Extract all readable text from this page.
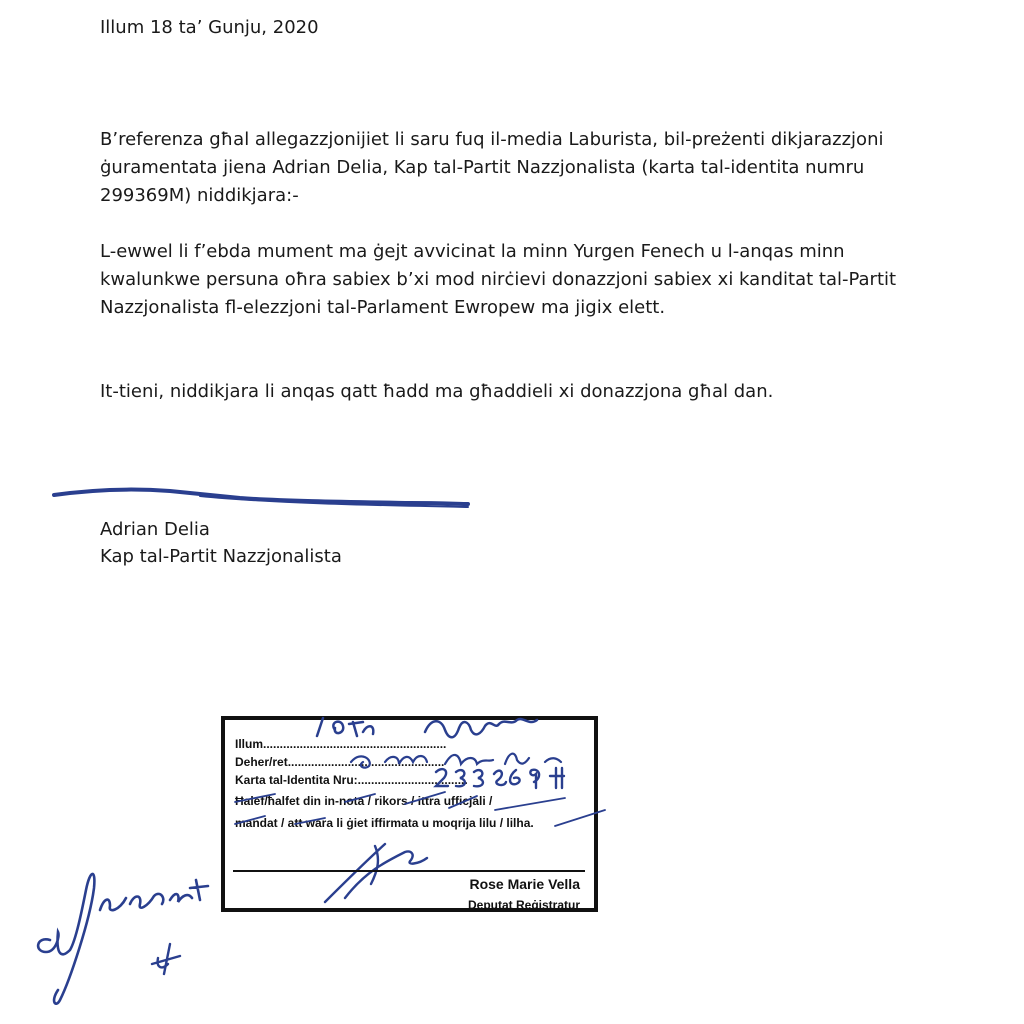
Illum 18 ta’ Gunju, 2020
B’referenza għal allegazzjonijiet li saru fuq il-media Laburista, bil-preżenti dikjarazzjoni
ġuramentata jiena Adrian Delia, Kap tal-Partit Nazzjonalista (karta tal-identita numru
299369M) niddikjara:-
L-ewwel li f’ebda mument ma ġejt avvicinat la minn Yurgen Fenech u l-anqas minn
kwalunkwe persuna oħra sabiex b’xi mod nirċievi donazzjoni sabiex xi kanditat tal-Partit
Nazzjonalista fl-elezzjoni tal-Parlament Ewropew ma jigix elett.
It-tieni, niddikjara li anqas qatt ħadd ma għaddieli xi donazzjona għal dan.
Adrian Delia
Kap tal-Partit Nazzjonalista
Illum.......................................................
Deher/ret...............................................
Karta tal-Identita Nru:.................................
Ħalef/ħalfet din in-nota / rikors / ittra ufficjali /
mandat / att wara li ġiet iffirmata u moqrija lilu / lilha.
Rose Marie Vella
Deputat Reġistratur
